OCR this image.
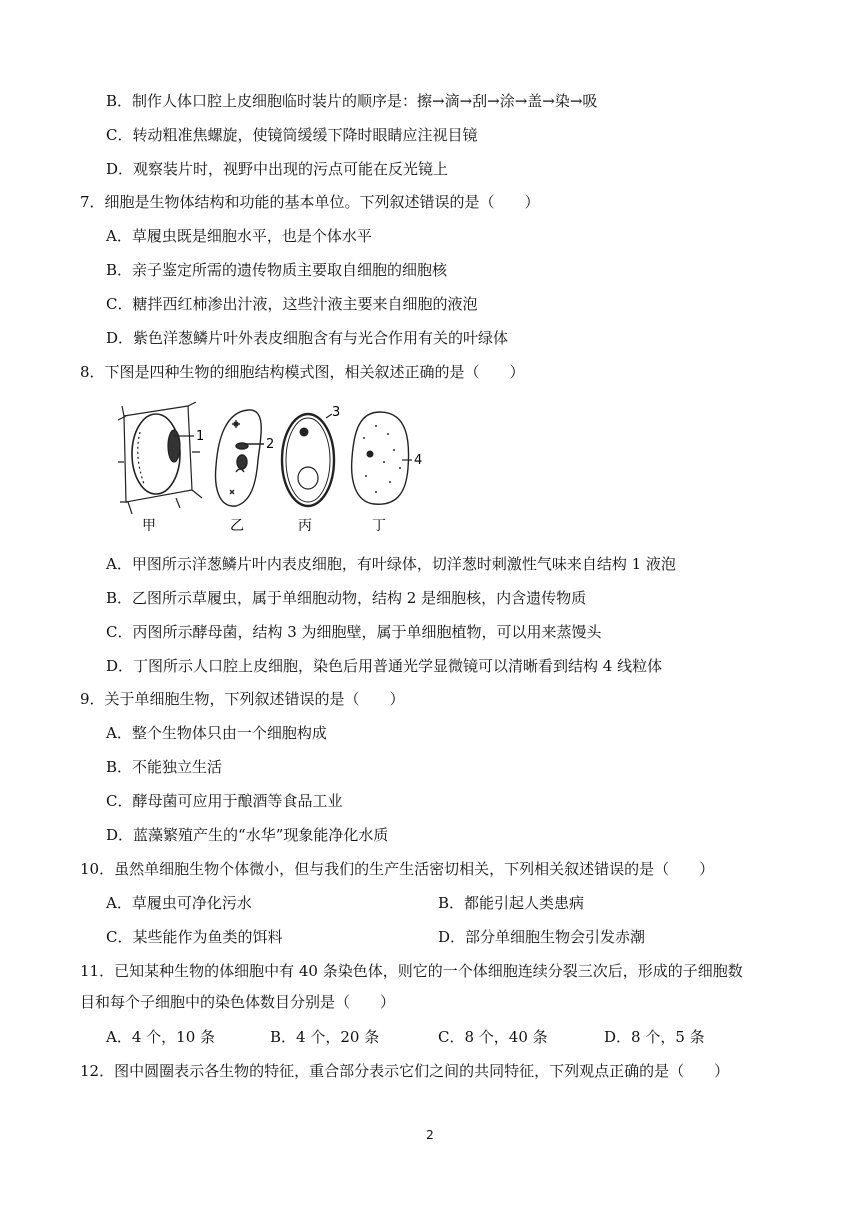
B．制作人体口腔上皮细胞临时装片的顺序是：擦→滴→刮→涂→盖→染→吸
C．转动粗准焦螺旋，使镜筒缓缓下降时眼睛应注视目镜
D．观察装片时，视野中出现的污点可能在反光镜上
7．细胞是生物体结构和功能的基本单位。下列叙述错误的是（　　）
A．草履虫既是细胞水平，也是个体水平
B．亲子鉴定所需的遗传物质主要取自细胞的细胞核
C．糖拌西红柿渗出汁液，这些汁液主要来自细胞的液泡
D．紫色洋葱鳞片叶外表皮细胞含有与光合作用有关的叶绿体
8．下图是四种生物的细胞结构模式图，相关叙述正确的是（　　）
1
2
3
4
甲	乙	丙	丁
A．甲图所示洋葱鳞片叶内表皮细胞，有叶绿体，切洋葱时刺激性气味来自结构 1 液泡
B．乙图所示草履虫，属于单细胞动物，结构 2 是细胞核，内含遗传物质
C．丙图所示酵母菌，结构 3 为细胞壁，属于单细胞植物，可以用来蒸馒头
D．丁图所示人口腔上皮细胞，染色后用普通光学显微镜可以清晰看到结构 4 线粒体
9．关于单细胞生物，下列叙述错误的是（　　）
A．整个生物体只由一个细胞构成
B．不能独立生活
C．酵母菌可应用于酿酒等食品工业
D．蓝藻繁殖产生的“水华”现象能净化水质
10．虽然单细胞生物个体微小，但与我们的生产生活密切相关，下列相关叙述错误的是（　　）
A．草履虫可净化污水	B．都能引起人类患病
C．某些能作为鱼类的饵料	D．部分单细胞生物会引发赤潮
11．已知某种生物的体细胞中有 40 条染色体，则它的一个体细胞连续分裂三次后，形成的子细胞数
目和每个子细胞中的染色体数目分别是（　　）
A．4 个，10 条	B．4 个，20 条	C．8 个，40 条	D．8 个，5 条
12．图中圆圈表示各生物的特征，重合部分表示它们之间的共同特征，下列观点正确的是（　　）
2
